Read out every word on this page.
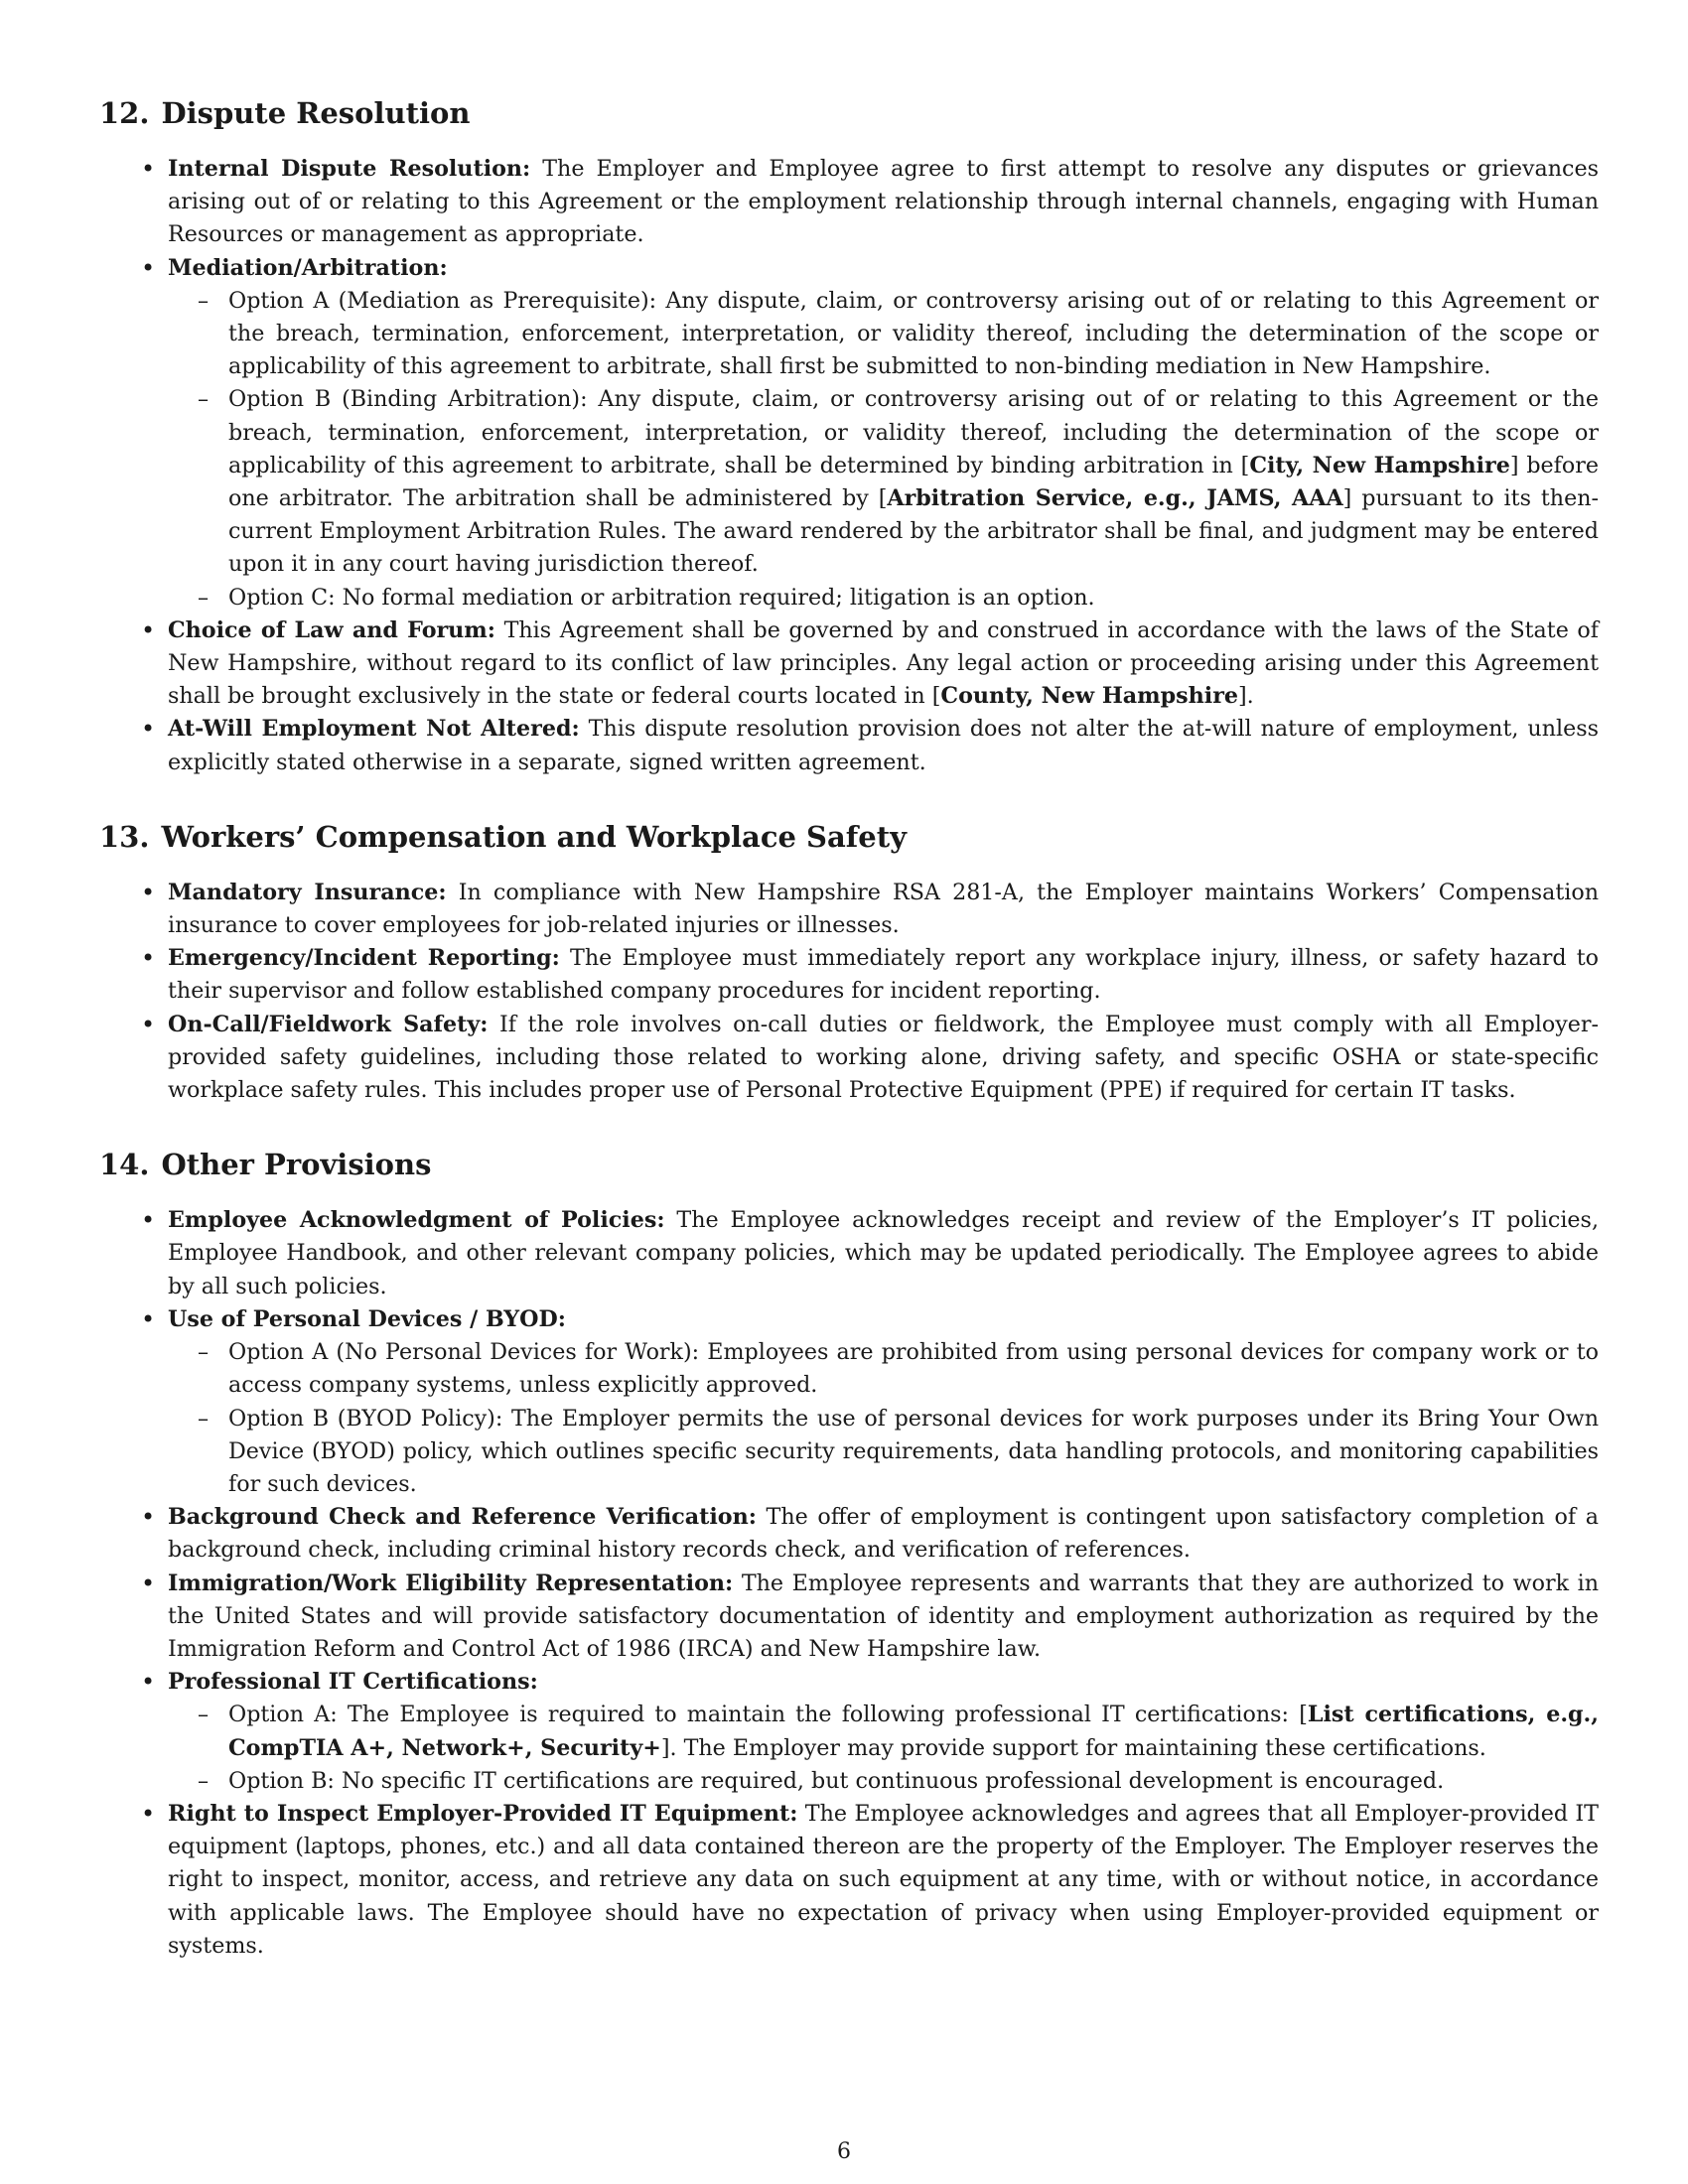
12. Dispute Resolution
• Internal Dispute Resolution: The Employer and Employee agree to first attempt to resolve any disputes or grievances arising out of or relating to this Agreement or the employment relationship through internal channels, engaging with Human Resources or management as appropriate.
• Mediation/Arbitration:
– Option A (Mediation as Prerequisite): Any dispute, claim, or controversy arising out of or relating to this Agreement or the breach, termination, enforcement, interpretation, or validity thereof, including the determination of the scope or applicability of this agreement to arbitrate, shall first be submitted to non-binding mediation in New Hampshire.
– Option B (Binding Arbitration): Any dispute, claim, or controversy arising out of or relating to this Agreement or the breach, termination, enforcement, interpretation, or validity thereof, including the determination of the scope or applicability of this agreement to arbitrate, shall be determined by binding arbitration in [City, New Hampshire] before one arbitrator. The arbitration shall be administered by [Arbitration Service, e.g., JAMS, AAA] pursuant to its then-current Employment Arbitration Rules. The award rendered by the arbitrator shall be final, and judgment may be entered upon it in any court having jurisdiction thereof.
– Option C: No formal mediation or arbitration required; litigation is an option.
• Choice of Law and Forum: This Agreement shall be governed by and construed in accordance with the laws of the State of New Hampshire, without regard to its conflict of law principles. Any legal action or proceeding arising under this Agreement shall be brought exclusively in the state or federal courts located in [County, New Hampshire].
• At-Will Employment Not Altered: This dispute resolution provision does not alter the at-will nature of employment, unless explicitly stated otherwise in a separate, signed written agreement.
13. Workers’ Compensation and Workplace Safety
• Mandatory Insurance: In compliance with New Hampshire RSA 281-A, the Employer maintains Workers’ Compensation insurance to cover employees for job-related injuries or illnesses.
• Emergency/Incident Reporting: The Employee must immediately report any workplace injury, illness, or safety hazard to their supervisor and follow established company procedures for incident reporting.
• On-Call/Fieldwork Safety: If the role involves on-call duties or fieldwork, the Employee must comply with all Employer-provided safety guidelines, including those related to working alone, driving safety, and specific OSHA or state-specific workplace safety rules. This includes proper use of Personal Protective Equipment (PPE) if required for certain IT tasks.
14. Other Provisions
• Employee Acknowledgment of Policies: The Employee acknowledges receipt and review of the Employer’s IT policies, Employee Handbook, and other relevant company policies, which may be updated periodically. The Employee agrees to abide by all such policies.
• Use of Personal Devices / BYOD:
– Option A (No Personal Devices for Work): Employees are prohibited from using personal devices for company work or to access company systems, unless explicitly approved.
– Option B (BYOD Policy): The Employer permits the use of personal devices for work purposes under its Bring Your Own Device (BYOD) policy, which outlines specific security requirements, data handling protocols, and monitoring capabilities for such devices.
• Background Check and Reference Verification: The offer of employment is contingent upon satisfactory completion of a background check, including criminal history records check, and verification of references.
• Immigration/Work Eligibility Representation: The Employee represents and warrants that they are authorized to work in the United States and will provide satisfactory documentation of identity and employment authorization as required by the Immigration Reform and Control Act of 1986 (IRCA) and New Hampshire law.
• Professional IT Certifications:
– Option A: The Employee is required to maintain the following professional IT certifications: [List certifications, e.g., CompTIA A+, Network+, Security+]. The Employer may provide support for maintaining these certifications.
– Option B: No specific IT certifications are required, but continuous professional development is encouraged.
• Right to Inspect Employer-Provided IT Equipment: The Employee acknowledges and agrees that all Employer-provided IT equipment (laptops, phones, etc.) and all data contained thereon are the property of the Employer. The Employer reserves the right to inspect, monitor, access, and retrieve any data on such equipment at any time, with or without notice, in accordance with applicable laws. The Employee should have no expectation of privacy when using Employer-provided equipment or systems.
6
